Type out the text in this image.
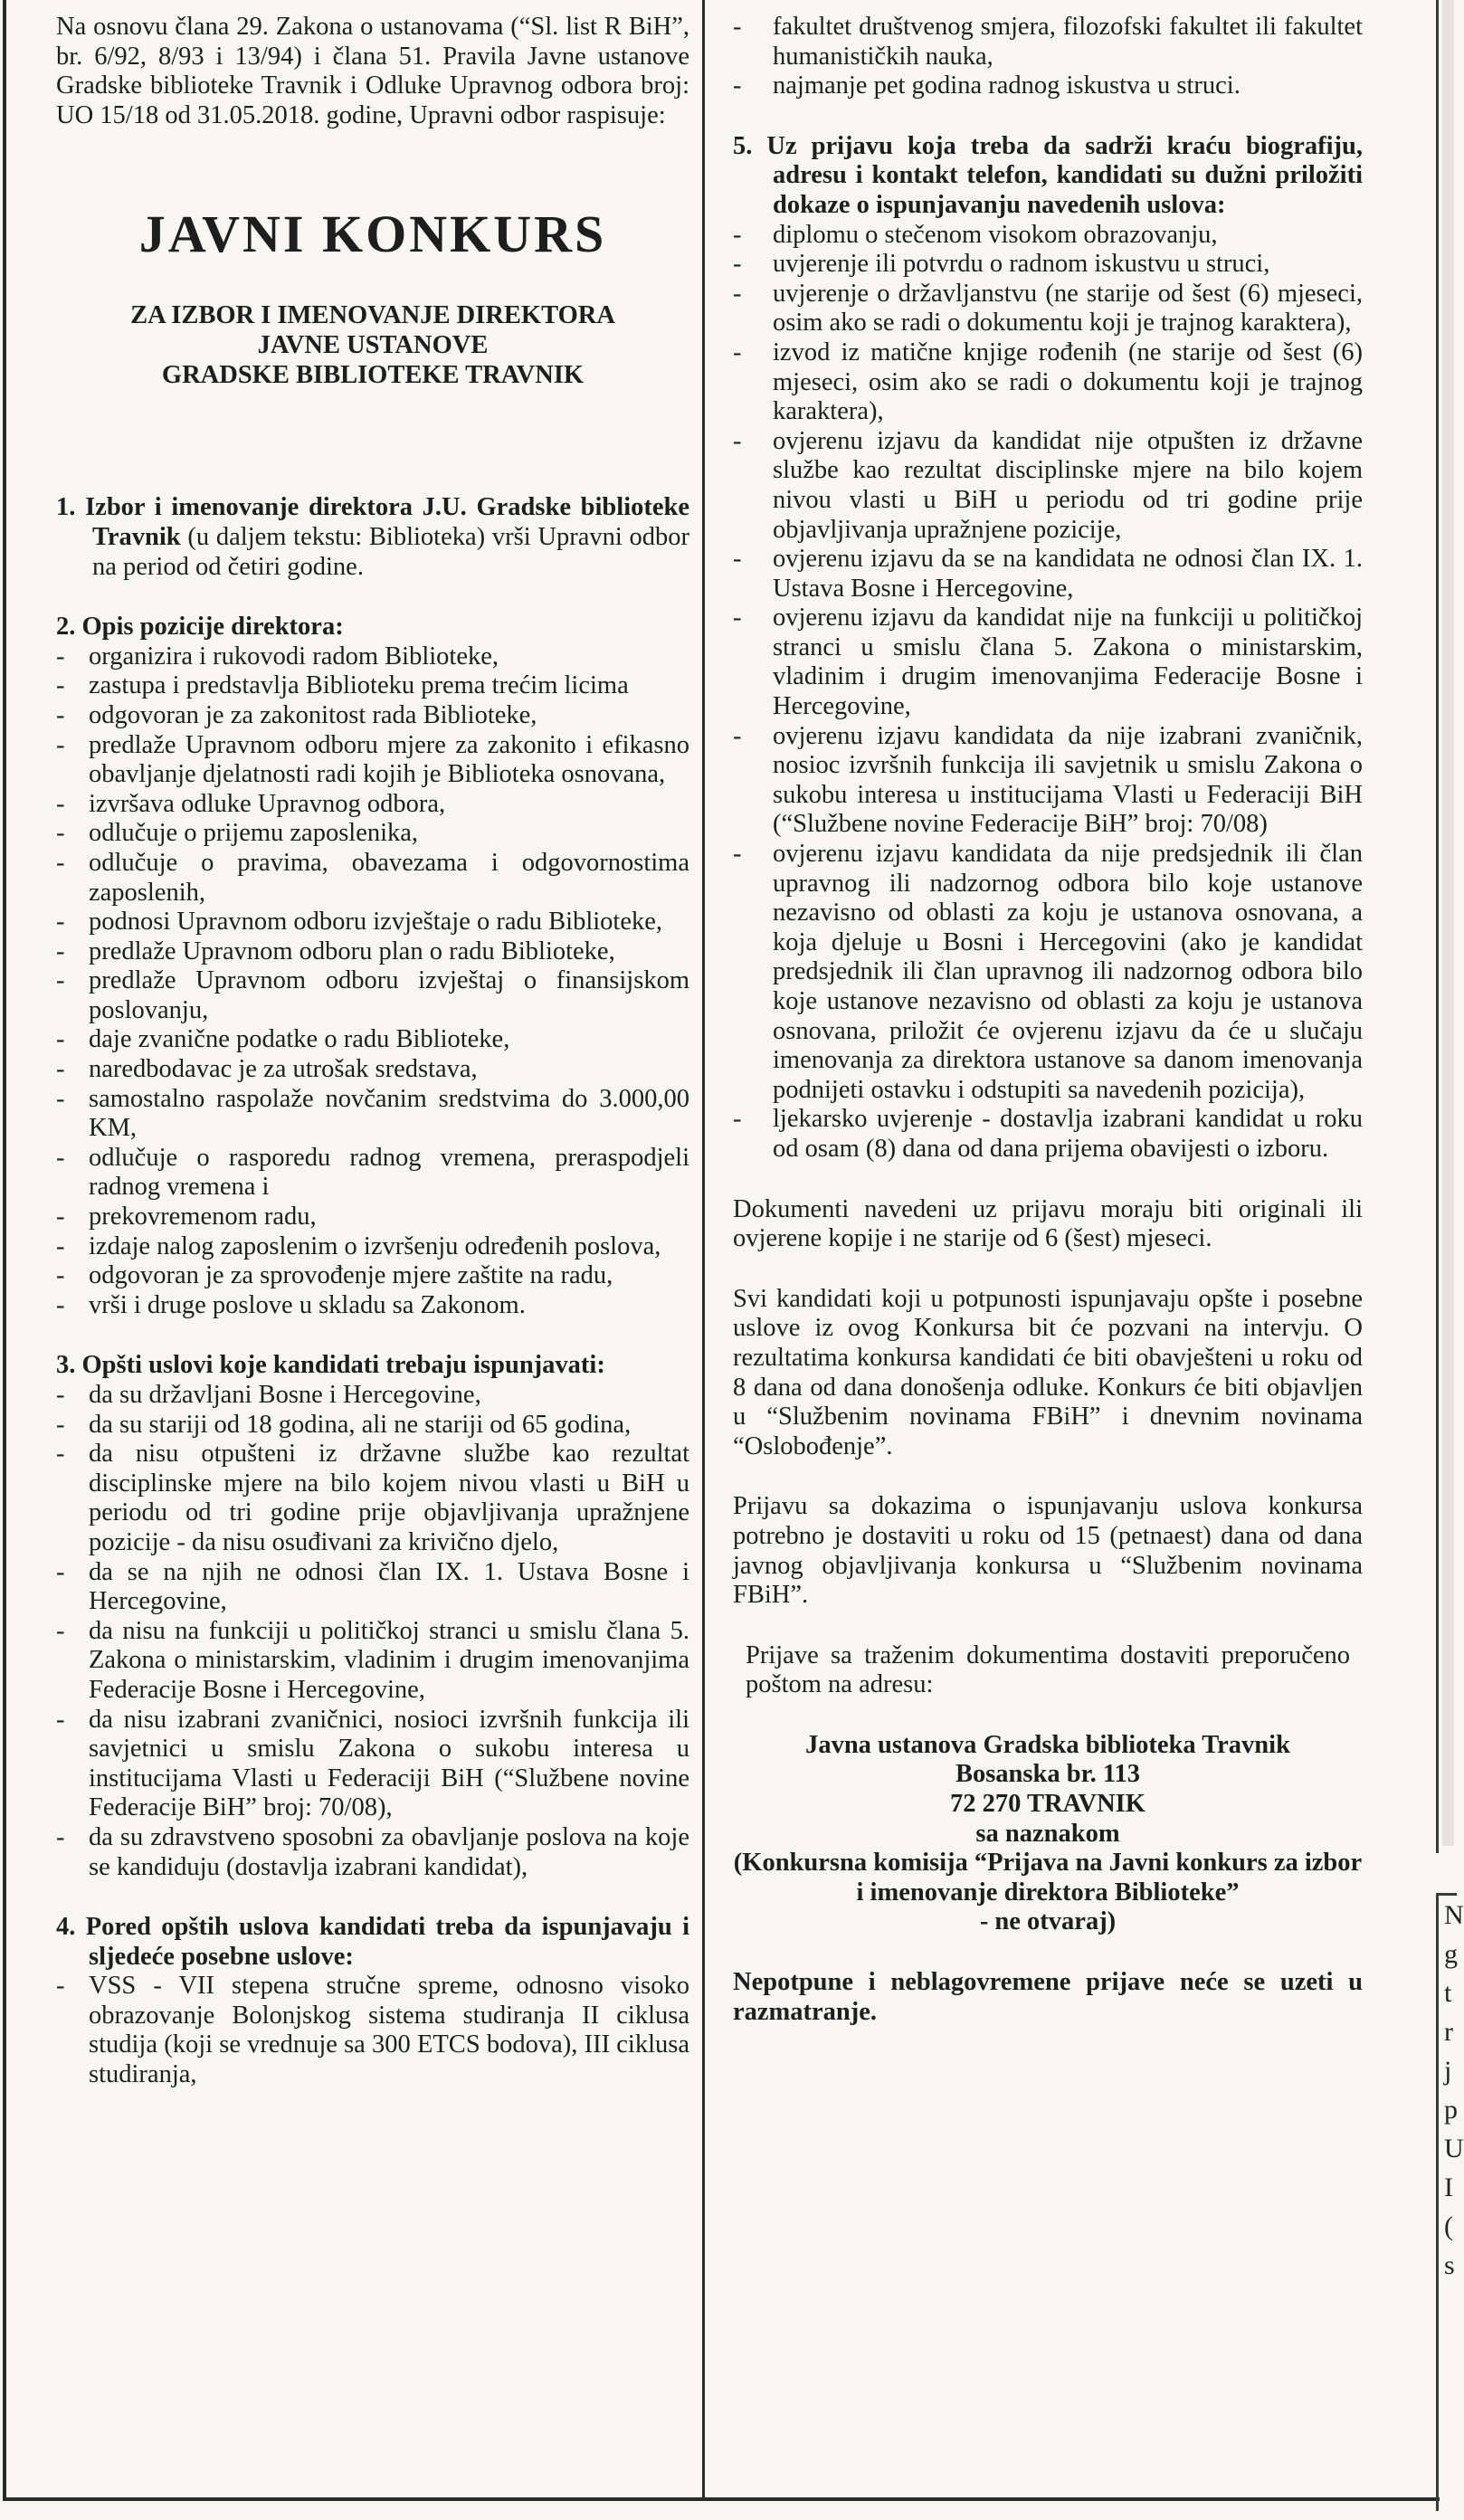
N
g
t
r
j
p
U
I
(
s

Na osnovu člana 29. Zakona o ustanovama (“Sl. list R BiH”, br. 6/92, 8/93 i 13/94) i člana 51. Pravila Javne ustanove Gradske biblioteke Travnik i Odluke Upravnog odbora broj: UO 15/18 od 31.05.2018. godine, Upravni odbor raspisuje:

JAVNI KONKURS
ZA IZBOR I IMENOVANJE DIREKTORA
JAVNE USTANOVE
GRADSKE BIBLIOTEKE TRAVNIK

1. Izbor i imenovanje direktora J.U. Gradske biblioteke Travnik (u daljem tekstu: Biblioteka) vrši Upravni odbor na period od četiri godine.

2. Opis pozicije direktora:
- organizira i rukovodi radom Biblioteke,
- zastupa i predstavlja Biblioteku prema trećim licima
- odgovoran je za zakonitost rada Biblioteke,
- predlaže Upravnom odboru mjere za zakonito i efikasno obavljanje djelatnosti radi kojih je Biblioteka osnovana,
- izvršava odluke Upravnog odbora,
- odlučuje o prijemu zaposlenika,
- odlučuje o pravima, obavezama i odgovornostima zaposlenih,
- podnosi Upravnom odboru izvještaje o radu Biblioteke,
- predlaže Upravnom odboru plan o radu Biblioteke,
- predlaže Upravnom odboru izvještaj o finansijskom poslovanju,
- daje zvanične podatke o radu Biblioteke,
- naredbodavac je za utrošak sredstava,
- samostalno raspolaže novčanim sredstvima do 3.000,00 KM,
- odlučuje o rasporedu radnog vremena, preraspodjeli radnog vremena i
- prekovremenom radu,
- izdaje nalog zaposlenim o izvršenju određenih poslova,
- odgovoran je za sprovođenje mjere zaštite na radu,
- vrši i druge poslove u skladu sa Zakonom.
3. Opšti uslovi koje kandidati trebaju ispunjavati:
- da su državljani Bosne i Hercegovine,
- da su stariji od 18 godina, ali ne stariji od 65 godina,
- da nisu otpušteni iz državne službe kao rezultat disciplinske mjere na bilo kojem nivou vlasti u BiH u periodu od tri godine prije objavljivanja upražnjene pozicije - da nisu osuđivani za krivično djelo,
- da se na njih ne odnosi član IX. 1. Ustava Bosne i Hercegovine,
- da nisu na funkciji u političkoj stranci u smislu člana 5. Zakona o ministarskim, vladinim i drugim imenovanjima Federacije Bosne i Hercegovine,
- da nisu izabrani zvaničnici, nosioci izvršnih funkcija ili savjetnici u smislu Zakona o sukobu interesa u institucijama Vlasti u Federaciji BiH (“Službene novine Federacije BiH” broj: 70/08),
- da su zdravstveno sposobni za obavljanje poslova na koje se kandiduju (dostavlja izabrani kandidat),
4. Pored opštih uslova kandidati treba da ispunjavaju i sljedeće posebne uslove:
- VSS - VII stepena stručne spreme, odnosno visoko obrazovanje Bolonjskog sistema studiranja II ciklusa studija (koji se vrednuje sa 300 ETCS bodova), III ciklusa studiranja,
- fakultet društvenog smjera, filozofski fakultet ili fakultet humanističkih nauka,
- najmanje pet godina radnog iskustva u struci.
5. Uz prijavu koja treba da sadrži kraću biografiju, adresu i kontakt telefon, kandidati su dužni priložiti dokaze o ispunjavanju navedenih uslova:
- diplomu o stečenom visokom obrazovanju,
- uvjerenje ili potvrdu o radnom iskustvu u struci,
- uvjerenje o državljanstvu (ne starije od šest (6) mjeseci, osim ako se radi o dokumentu koji je trajnog karaktera),
- izvod iz matične knjige rođenih (ne starije od šest (6) mjeseci, osim ako se radi o dokumentu koji je trajnog karaktera),
- ovjerenu izjavu da kandidat nije otpušten iz državne službe kao rezultat disciplinske mjere na bilo kojem nivou vlasti u BiH u periodu od tri godine prije objavljivanja upražnjene pozicije,
- ovjerenu izjavu da se na kandidata ne odnosi član IX. 1. Ustava Bosne i Hercegovine,
- ovjerenu izjavu da kandidat nije na funkciji u političkoj stranci u smislu člana 5. Zakona o ministarskim, vladinim i drugim imenovanjima Federacije Bosne i Hercegovine,
- ovjerenu izjavu kandidata da nije izabrani zvaničnik, nosioc izvršnih funkcija ili savjetnik u smislu Zakona o sukobu interesa u institucijama Vlasti u Federaciji BiH (“Službene novine Federacije BiH” broj: 70/08)
- ovjerenu izjavu kandidata da nije predsjednik ili član upravnog ili nadzornog odbora bilo koje ustanove nezavisno od oblasti za koju je ustanova osnovana, a koja djeluje u Bosni i Hercegovini (ako je kandidat predsjednik ili član upravnog ili nadzornog odbora bilo koje ustanove nezavisno od oblasti za koju je ustanova osnovana, priložit će ovjerenu izjavu da će u slučaju imenovanja za direktora ustanove sa danom imenovanja podnijeti ostavku i odstupiti sa navedenih pozicija),
- ljekarsko uvjerenje - dostavlja izabrani kandidat u roku od osam (8) dana od dana prijema obavijesti o izboru.

Dokumenti navedeni uz prijavu moraju biti originali ili ovjerene kopije i ne starije od 6 (šest) mjeseci.

Svi kandidati koji u potpunosti ispunjavaju opšte i posebne uslove iz ovog Konkursa bit će pozvani na intervju. O rezultatima konkursa kandidati će biti obavješteni u roku od 8 dana od dana donošenja odluke. Konkurs će biti objavljen u “Službenim novinama FBiH” i dnevnim novinama “Oslobođenje”.

Prijavu sa dokazima o ispunjavanju uslova konkursa potrebno je dostaviti u roku od 15 (petnaest) dana od dana javnog objavljivanja konkursa u “Službenim novinama FBiH”.

Prijave sa traženim dokumentima dostaviti preporučeno poštom na adresu:

Javna ustanova Gradska biblioteka Travnik
Bosanska br. 113
72 270 TRAVNIK
sa naznakom
(Konkursna komisija “Prijava na Javni konkurs za izbor i imenovanje direktora Biblioteke”
- ne otvaraj)

Nepotpune i neblagovremene prijave neće se uzeti u razmatranje.
